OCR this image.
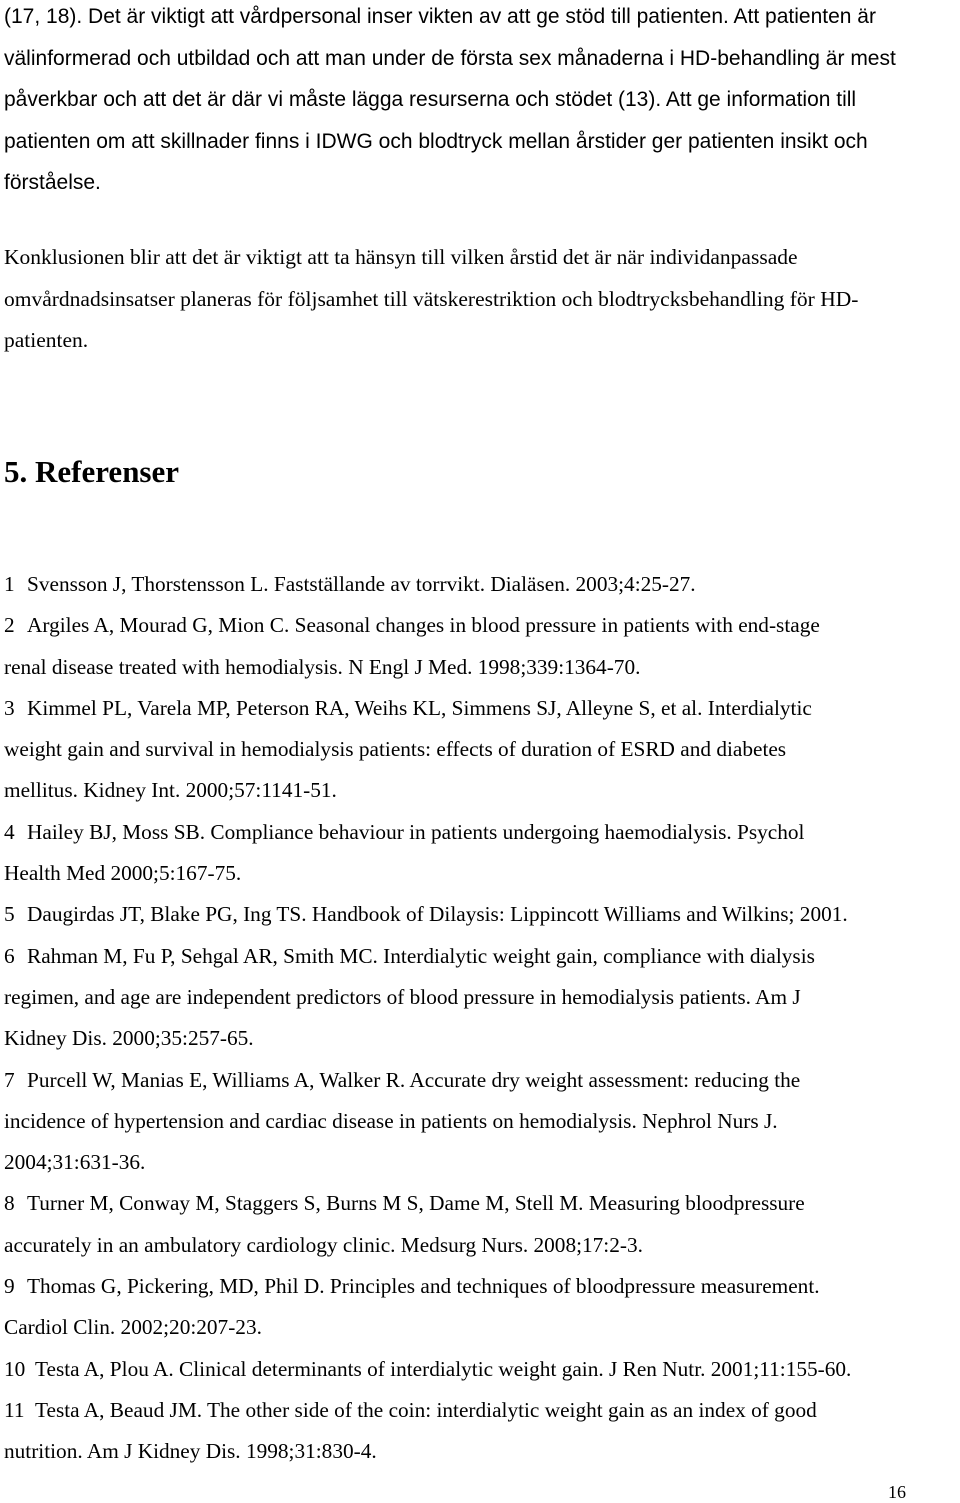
(17, 18). Det är viktigt att vårdpersonal inser vikten av att ge stöd till patienten. Att patienten är
välinformerad och utbildad och att man under de första sex månaderna i HD-behandling är mest
påverkbar och att det är där vi måste lägga resurserna och stödet (13). Att ge information till
patienten om att skillnader finns i IDWG och blodtryck mellan årstider ger patienten insikt och
förståelse.

Konklusionen blir att det är viktigt att ta hänsyn till vilken årstid det är när individanpassade
omvårdnadsinsatser planeras för följsamhet till vätskerestriktion och blodtrycksbehandling för HD-
patienten.

5. Referenser
1 Svensson J, Thorstensson L. Fastställande av torrvikt. Dialäsen. 2003;4:25-27.
2 Argiles A, Mourad G, Mion C. Seasonal changes in blood pressure in patients with end-stage
renal disease treated with hemodialysis. N Engl J Med. 1998;339:1364-70.
3 Kimmel PL, Varela MP, Peterson RA, Weihs KL, Simmens SJ, Alleyne S, et al. Interdialytic
weight gain and survival in hemodialysis patients: effects of duration of ESRD and diabetes
mellitus. Kidney Int. 2000;57:1141-51.
4 Hailey BJ, Moss SB. Compliance behaviour in patients undergoing haemodialysis. Psychol
Health Med 2000;5:167-75.
5 Daugirdas JT, Blake PG, Ing TS. Handbook of Dilaysis: Lippincott Williams and Wilkins; 2001.
6 Rahman M, Fu P, Sehgal AR, Smith MC. Interdialytic weight gain, compliance with dialysis
regimen, and age are independent predictors of blood pressure in hemodialysis patients. Am J
Kidney Dis. 2000;35:257-65.
7 Purcell W, Manias E, Williams A, Walker R. Accurate dry weight assessment: reducing the
incidence of hypertension and cardiac disease in patients on hemodialysis. Nephrol Nurs J.
2004;31:631-36.
8 Turner M, Conway M, Staggers S, Burns M S, Dame M, Stell M. Measuring bloodpressure
accurately in an ambulatory cardiology clinic. Medsurg Nurs. 2008;17:2-3.
9 Thomas G, Pickering, MD, Phil D. Principles and techniques of bloodpressure measurement.
Cardiol Clin. 2002;20:207-23.
10 Testa A, Plou A. Clinical determinants of interdialytic weight gain. J Ren Nutr. 2001;11:155-60.
11 Testa A, Beaud JM. The other side of the coin: interdialytic weight gain as an index of good
nutrition. Am J Kidney Dis. 1998;31:830-4.

16
